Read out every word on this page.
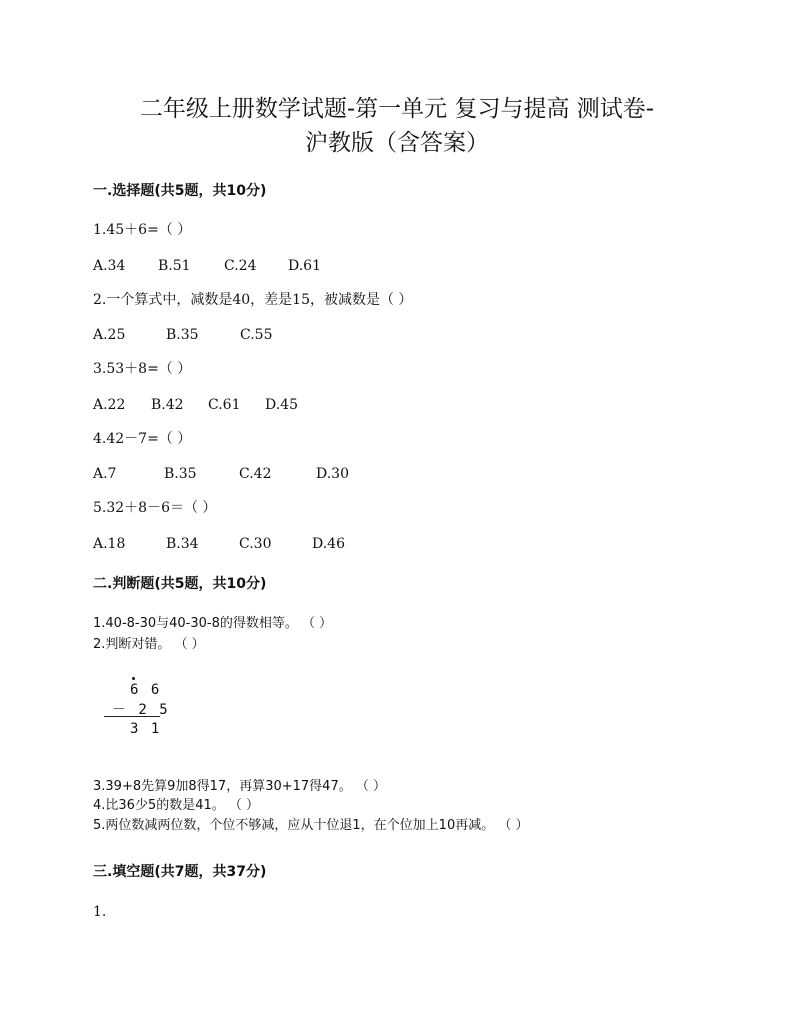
二年级上册数学试题-第一单元 复习与提高 测试卷-
沪教版（含答案）
一.选择题(共5题，共10分)
1.45＋6=（ ）
A.34 B.51 C.24 D.61
2.一个算式中，减数是40，差是15，被减数是（ ）
A.25	B.35	C.55
3.53＋8=（ ）
A.22 B.42 C.61 D.45
4.42－7=（ ）
A.7	B.35	C.42	D.30
5.32＋8－6＝（ ）
A.18	B.34	C.30	D.46
二.判断题(共5题，共10分)
1.40-8-30与40-30-8的得数相等。 （ ）
2.判断对错。 （ ）
6 6
－ 2 5
3 1
3.39+8先算9加8得17，再算30+17得47。 （ ）
4.比36少5的数是41。 （ ）
5.两位数减两位数，个位不够减，应从十位退1，在个位加上10再减。 （ ）
三.填空题(共7题，共37分)
1.
